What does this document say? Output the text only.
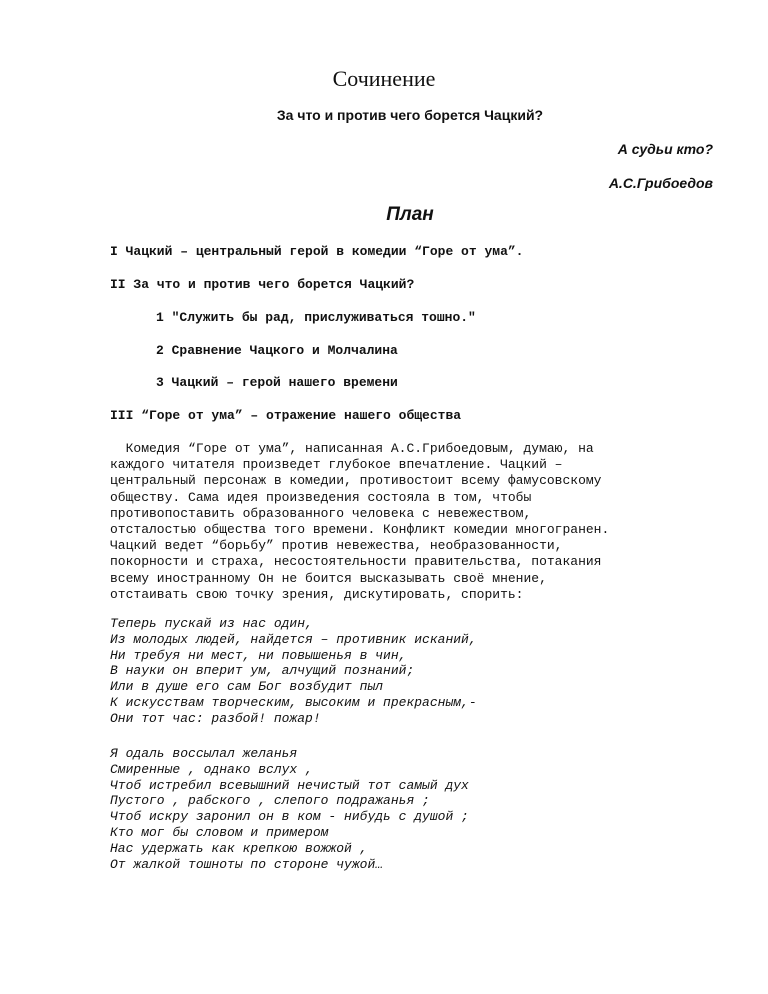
Сочинение
За что и против чего борется Чацкий?
А судьи кто?
А.С.Грибоедов
План
I Чацкий – центральный герой в комедии “Горе от ума”.
II За что и против чего борется Чацкий?
1 "Служить бы рад, прислуживаться тошно."
2 Сравнение Чацкого и Молчалина
3 Чацкий – герой нашего времени
III “Горе от ума” – отражение нашего общества
Комедия “Горе от ума”, написанная А.С.Грибоедовым, думаю, на
каждого читателя произведет глубокое впечатление. Чацкий –
центральный персонаж в комедии, противостоит всему фамусовскому
обществу. Сама идея произведения состояла в том, чтобы
противопоставить образованного человека с невежеством,
отсталостью общества того времени. Конфликт комедии многогранен.
Чацкий ведет “борьбу” против невежества, необразованности,
покорности и страха, несостоятельности правительства, потакания
всему иностранному Он не боится высказывать своё мнение,
отстаивать свою точку зрения, дискутировать, спорить:
Теперь пускай из нас один,
Из молодых людей, найдется – противник исканий,
Ни требуя ни мест, ни повышенья в чин,
В науки он вперит ум, алчущий познаний;
Или в душе его сам Бог возбудит пыл
К искусствам творческим, высоким и прекрасным,-
Они тот час: разбой! пожар!
Я одаль воссылал желанья
Смиренные , однако вслух ,
Чтоб истребил всевышний нечистый тот самый дух
Пустого , рабского , слепого подражанья ;
Чтоб искру заронил он в ком - нибудь с душой ;
Кто мог бы словом и примером
Нас удержать как крепкою вожжой ,
От жалкой тошноты по стороне чужой…
